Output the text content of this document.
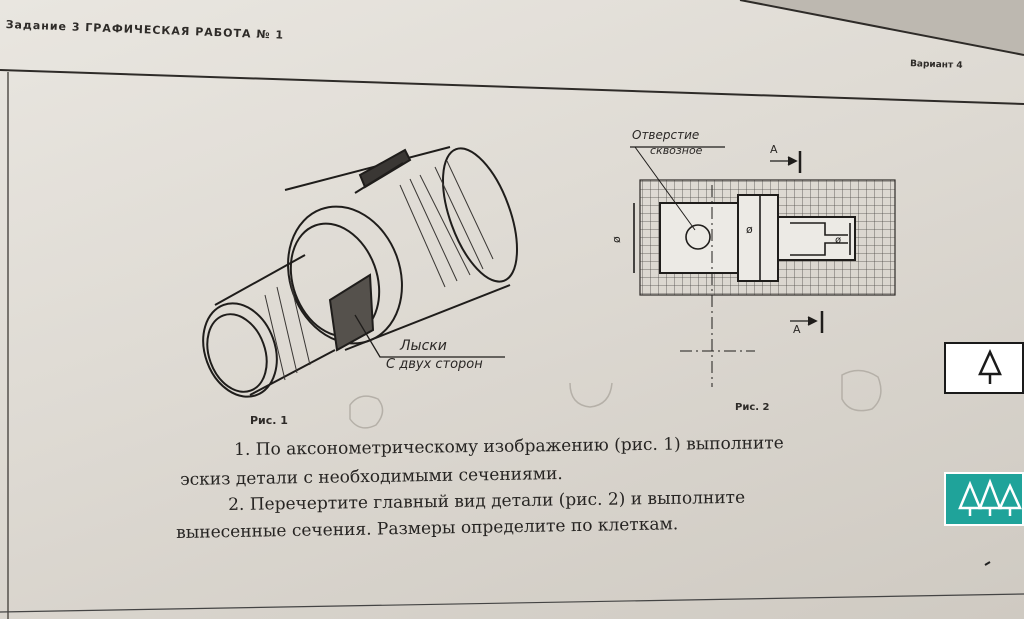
Задание 3 ГРАФИЧЕСКАЯ РАБОТА № 1
Вариант 4
Лыски
С двух сторон
Рис. 1
ø
ø
ø
Отверстие
сквозное	А
А
Рис. 2
1. По аксонометрическому изображению (рис. 1) выполните
эскиз детали с необходимыми сечениями.
2. Перечертите главный вид детали (рис. 2) и выполните
вынесенные сечения. Размеры определите по клеткам.
